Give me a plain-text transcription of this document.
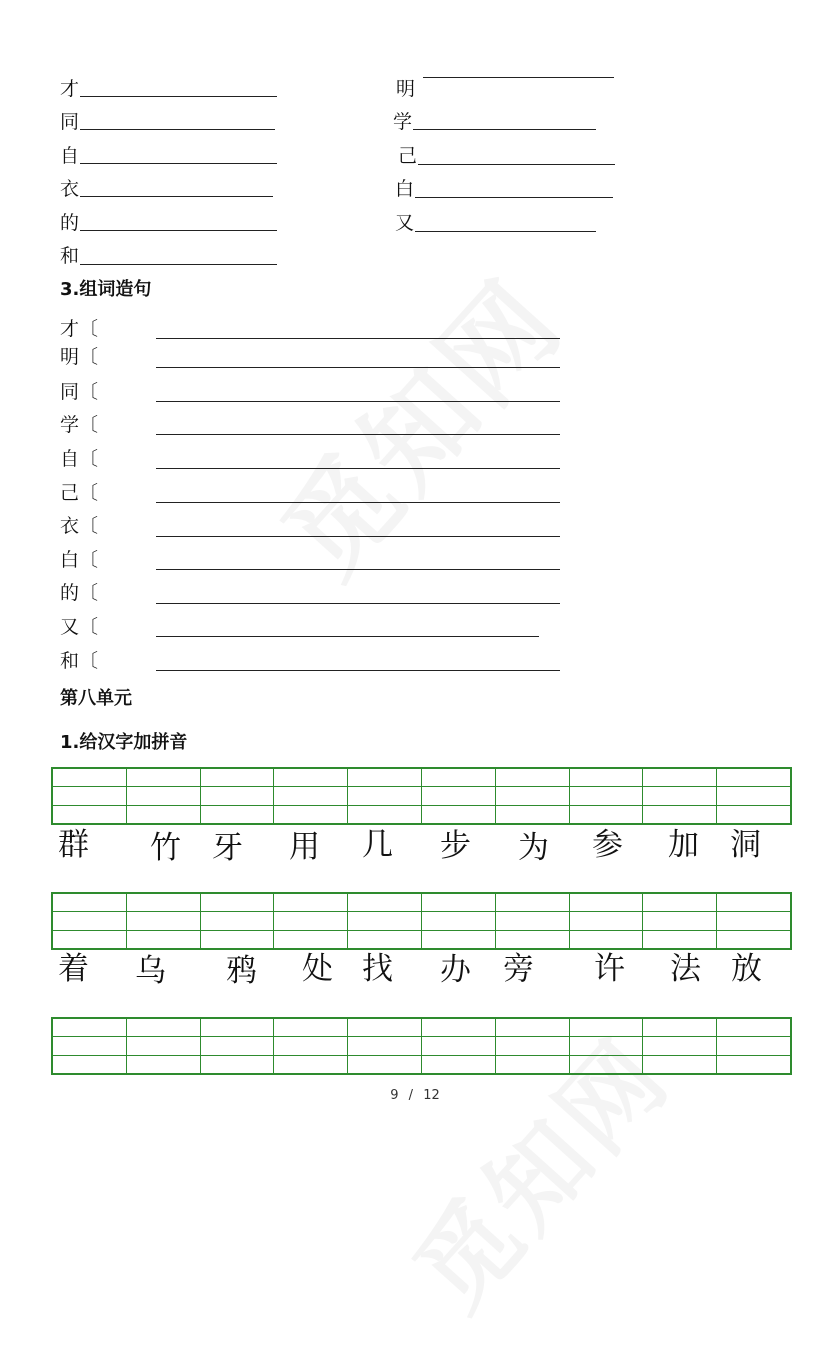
才
同
自
衣
的
和
明
学
己
白
又
3.组词造句
才〔
明〔
同〔
学〔
自〔
己〔
衣〔
白〔
的〔
又〔
和〔
第八单元
1.给汉字加拼音
群 竹 牙 用 几 步 为 参 加 洞
着 乌 鸦 处 找 办 旁 许 法 放
9 / 12
